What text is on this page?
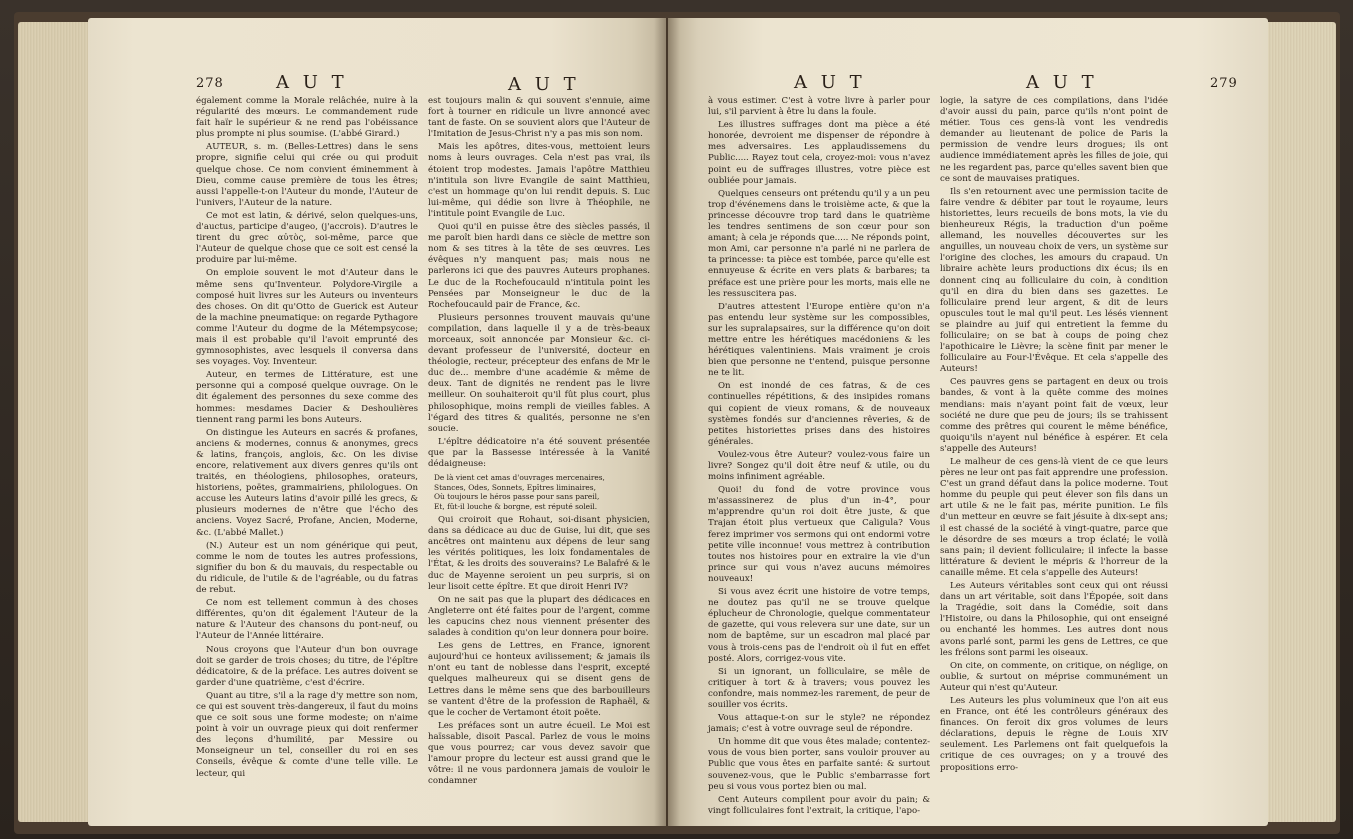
278	A U T	A U T

également comme la Morale relâchée, nuire à la régularité des mœurs. Le commandement rude fait haïr le supérieur & ne rend pas l'obéissance plus prompte ni plus soumise. (L'abbé Girard.)

AUTEUR, s. m. (Belles-Lettres) dans le sens propre, signifie celui qui crée ou qui produit quelque chose. Ce nom convient éminemment à Dieu, comme cause première de tous les êtres; aussi l'appelle-t-on l'Auteur du monde, l'Auteur de l'univers, l'Auteur de la nature.

Ce mot est latin, & dérivé, selon quelques-uns, d'auctus, participe d'augeo, (j'accrois). D'autres le tirent du grec αὐτὸς, soi-même, parce que l'Auteur de quelque chose que ce soit est censé la produire par lui-même.

On emploie souvent le mot d'Auteur dans le même sens qu'Inventeur. Polydore-Virgile a composé huit livres sur les Auteurs ou inventeurs des choses. On dit qu'Otto de Guerick est Auteur de la machine pneumatique: on regarde Pythagore comme l'Auteur du dogme de la Métempsycose; mais il est probable qu'il l'avoit emprunté des gymnosophistes, avec lesquels il conversa dans ses voyages. Voy. Inventeur.

Auteur, en termes de Littérature, est une personne qui a composé quelque ouvrage. On le dit également des personnes du sexe comme des hommes: mesdames Dacier & Deshoulières tiennent rang parmi les bons Auteurs.

On distingue les Auteurs en sacrés & profanes, anciens & modernes, connus & anonymes, grecs & latins, françois, anglois, &c. On les divise encore, relativement aux divers genres qu'ils ont traités, en théologiens, philosophes, orateurs, historiens, poëtes, grammairiens, philologues. On accuse les Auteurs latins d'avoir pillé les grecs, & plusieurs modernes de n'être que l'écho des anciens. Voyez Sacré, Profane, Ancien, Moderne, &c. (L'abbé Mallet.)

(N.) Auteur est un nom générique qui peut, comme le nom de toutes les autres professions, signifier du bon & du mauvais, du respectable ou du ridicule, de l'utile & de l'agréable, ou du fatras de rebut.

Ce nom est tellement commun à des choses différentes, qu'on dit également l'Auteur de la nature & l'Auteur des chansons du pont-neuf, ou l'Auteur de l'Année littéraire.

Nous croyons que l'Auteur d'un bon ouvrage doit se garder de trois choses; du titre, de l'épître dédicatoire, & de la préface. Les autres doivent se garder d'une quatrième, c'est d'écrire.

Quant au titre, s'il a la rage d'y mettre son nom, ce qui est souvent très-dangereux, il faut du moins que ce soit sous une forme modeste; on n'aime point à voir un ouvrage pieux qui doit renfermer des leçons d'humilité, par Messire ou Monseigneur un tel, conseiller du roi en ses Conseils, évêque & comte d'une telle ville. Le lecteur, qui

est toujours malin & qui souvent s'ennuie, aime fort à tourner en ridicule un livre annoncé avec tant de faste. On se souvient alors que l'Auteur de l'Imitation de Jesus-Christ n'y a pas mis son nom.

Mais les apôtres, dites-vous, mettoient leurs noms à leurs ouvrages. Cela n'est pas vrai, ils étoient trop modestes. Jamais l'apôtre Matthieu n'intitula son livre Evangile de saint Matthieu, c'est un hommage qu'on lui rendit depuis. S. Luc lui-même, qui dédie son livre à Théophile, ne l'intitule point Evangile de Luc.

Quoi qu'il en puisse être des siècles passés, il me paroît bien hardi dans ce siècle de mettre son nom & ses titres à la tête de ses œuvres. Les évêques n'y manquent pas; mais nous ne parlerons ici que des pauvres Auteurs prophanes. Le duc de la Rochefoucauld n'intitula point les Pensées par Monseigneur le duc de la Rochefoucauld pair de France, &c.

Plusieurs personnes trouvent mauvais qu'une compilation, dans laquelle il y a de très-beaux morceaux, soit annoncée par Monsieur &c. ci-devant professeur de l'université, docteur en théologie, recteur, précepteur des enfans de Mr le duc de... membre d'une académie & même de deux. Tant de dignités ne rendent pas le livre meilleur. On souhaiteroit qu'il fût plus court, plus philosophique, moins rempli de vieilles fables. A l'égard des titres & qualités, personne ne s'en soucie.

L'épître dédicatoire n'a été souvent présentée que par la Bassesse intéressée à la Vanité dédaigneuse:

De là vient cet amas d'ouvrages mercenaires,
Stances, Odes, Sonnets, Epîtres liminaires,
Où toujours le héros passe pour sans pareil,
Et, fût-il louche & borgne, est réputé soleil.

Qui croiroit que Rohaut, soi-disant physicien, dans sa dédicace au duc de Guise, lui dit, que ses ancêtres ont maintenu aux dépens de leur sang les vérités politiques, les loix fondamentales de l'État, & les droits des souverains? Le Balafré & le duc de Mayenne seroient un peu surpris, si on leur lisoit cette épître. Et que diroit Henri IV?

On ne sait pas que la plupart des dédicaces en Angleterre ont été faites pour de l'argent, comme les capucins chez nous viennent présenter des salades à condition qu'on leur donnera pour boire.

Les gens de Lettres, en France, ignorent aujourd'hui ce honteux avilissement; & jamais ils n'ont eu tant de noblesse dans l'esprit, excepté quelques malheureux qui se disent gens de Lettres dans le même sens que des barbouilleurs se vantent d'être de la profession de Raphaël, & que le cocher de Vertamont étoit poëte.

Les préfaces sont un autre écueil. Le Moi est haïssable, disoit Pascal. Parlez de vous le moins que vous pourrez; car vous devez savoir que l'amour propre du lecteur est aussi grand que le vôtre: il ne vous pardonnera jamais de vouloir le condamner

A U T	A U T	279

à vous estimer. C'est à votre livre à parler pour lui, s'il parvient à être lu dans la foule.

Les illustres suffrages dont ma pièce a été honorée, devroient me dispenser de répondre à mes adversaires. Les applaudissemens du Public..... Rayez tout cela, croyez-moi: vous n'avez point eu de suffrages illustres, votre pièce est oubliée pour jamais.

Quelques censeurs ont prétendu qu'il y a un peu trop d'événemens dans le troisième acte, & que la princesse découvre trop tard dans le quatrième les tendres sentimens de son cœur pour son amant; à cela je réponds que..... Ne réponds point, mon Ami, car personne n'a parlé ni ne parlera de ta princesse: ta pièce est tombée, parce qu'elle est ennuyeuse & écrite en vers plats & barbares; ta préface est une prière pour les morts, mais elle ne les ressuscitera pas.

D'autres attestent l'Europe entière qu'on n'a pas entendu leur système sur les compossibles, sur les supralapsaires, sur la différence qu'on doit mettre entre les hérétiques macédoniens & les hérétiques valentiniens. Mais vraiment je crois bien que personne ne t'entend, puisque personne ne te lit.

On est inondé de ces fatras, & de ces continuelles répétitions, & des insipides romans qui copient de vieux romans, & de nouveaux systèmes fondés sur d'anciennes rêveries, & de petites historiettes prises dans des histoires générales.

Voulez-vous être Auteur? voulez-vous faire un livre? Songez qu'il doit être neuf & utile, ou du moins infiniment agréable.

Quoi! du fond de votre province vous m'assassinerez de plus d'un in-4°, pour m'apprendre qu'un roi doit être juste, & que Trajan étoit plus vertueux que Caligula? Vous ferez imprimer vos sermons qui ont endormi votre petite ville inconnue! vous mettrez à contribution toutes nos histoires pour en extraire la vie d'un prince sur qui vous n'avez aucuns mémoires nouveaux!

Si vous avez écrit une histoire de votre temps, ne doutez pas qu'il ne se trouve quelque éplucheur de Chronologie, quelque commentateur de gazette, qui vous relevera sur une date, sur un nom de baptême, sur un escadron mal placé par vous à trois-cens pas de l'endroit où il fut en effet posté. Alors, corrigez-vous vite.

Si un ignorant, un folliculaire, se mêle de critiquer à tort & à travers; vous pouvez les confondre, mais nommez-les rarement, de peur de souiller vos écrits.

Vous attaque-t-on sur le style? ne répondez jamais; c'est à votre ouvrage seul de répondre.

Un homme dit que vous êtes malade; contentez-vous de vous bien porter, sans vouloir prouver au Public que vous êtes en parfaite santé: & surtout souvenez-vous, que le Public s'embarrasse fort peu si vous vous portez bien ou mal.

Cent Auteurs compilent pour avoir du pain; & vingt folliculaires font l'extrait, la critique, l'apo-

logie, la satyre de ces compilations, dans l'idée d'avoir aussi du pain, parce qu'ils n'ont point de métier. Tous ces gens-là vont les vendredis demander au lieutenant de police de Paris la permission de vendre leurs drogues; ils ont audience immédiatement après les filles de joie, qui ne les regardent pas, parce qu'elles savent bien que ce sont de mauvaises pratiques.

Ils s'en retournent avec une permission tacite de faire vendre & débiter par tout le royaume, leurs historiettes, leurs recueils de bons mots, la vie du bienheureux Régis, la traduction d'un poëme allemand, les nouvelles découvertes sur les anguilles, un nouveau choix de vers, un système sur l'origine des cloches, les amours du crapaud. Un libraire achète leurs productions dix écus; ils en donnent cinq au folliculaire du coin, à condition qu'il en dira du bien dans ses gazettes. Le folliculaire prend leur argent, & dit de leurs opuscules tout le mal qu'il peut. Les lésés viennent se plaindre au juif qui entretient la femme du folliculaire; on se bat à coups de poing chez l'apothicaire le Lièvre; la scène finit par mener le folliculaire au Four-l'Évêque. Et cela s'appelle des Auteurs!

Ces pauvres gens se partagent en deux ou trois bandes, & vont à la quête comme des moines mendians: mais n'ayant point fait de vœux, leur société ne dure que peu de jours; ils se trahissent comme des prêtres qui courent le même bénéfice, quoiqu'ils n'ayent nul bénéfice à espérer. Et cela s'appelle des Auteurs!

Le malheur de ces gens-là vient de ce que leurs pères ne leur ont pas fait apprendre une profession. C'est un grand défaut dans la police moderne. Tout homme du peuple qui peut élever son fils dans un art utile & ne le fait pas, mérite punition. Le fils d'un metteur en œuvre se fait jésuite à dix-sept ans; il est chassé de la société à vingt-quatre, parce que le désordre de ses mœurs a trop éclaté; le voilà sans pain; il devient folliculaire; il infecte la basse littérature & devient le mépris & l'horreur de la canaille même. Et cela s'appelle des Auteurs!

Les Auteurs véritables sont ceux qui ont réussi dans un art véritable, soit dans l'Épopée, soit dans la Tragédie, soit dans la Comédie, soit dans l'Histoire, ou dans la Philosophie, qui ont enseigné ou enchanté les hommes. Les autres dont nous avons parlé sont, parmi les gens de Lettres, ce que les frélons sont parmi les oiseaux.

On cite, on commente, on critique, on néglige, on oublie, & surtout on méprise communément un Auteur qui n'est qu'Auteur.

Les Auteurs les plus volumineux que l'on ait eus en France, ont été les contrôleurs généraux des finances. On feroit dix gros volumes de leurs déclarations, depuis le règne de Louis XIV seulement. Les Parlemens ont fait quelquefois la critique de ces ouvrages; on y a trouvé des propositions erro-
